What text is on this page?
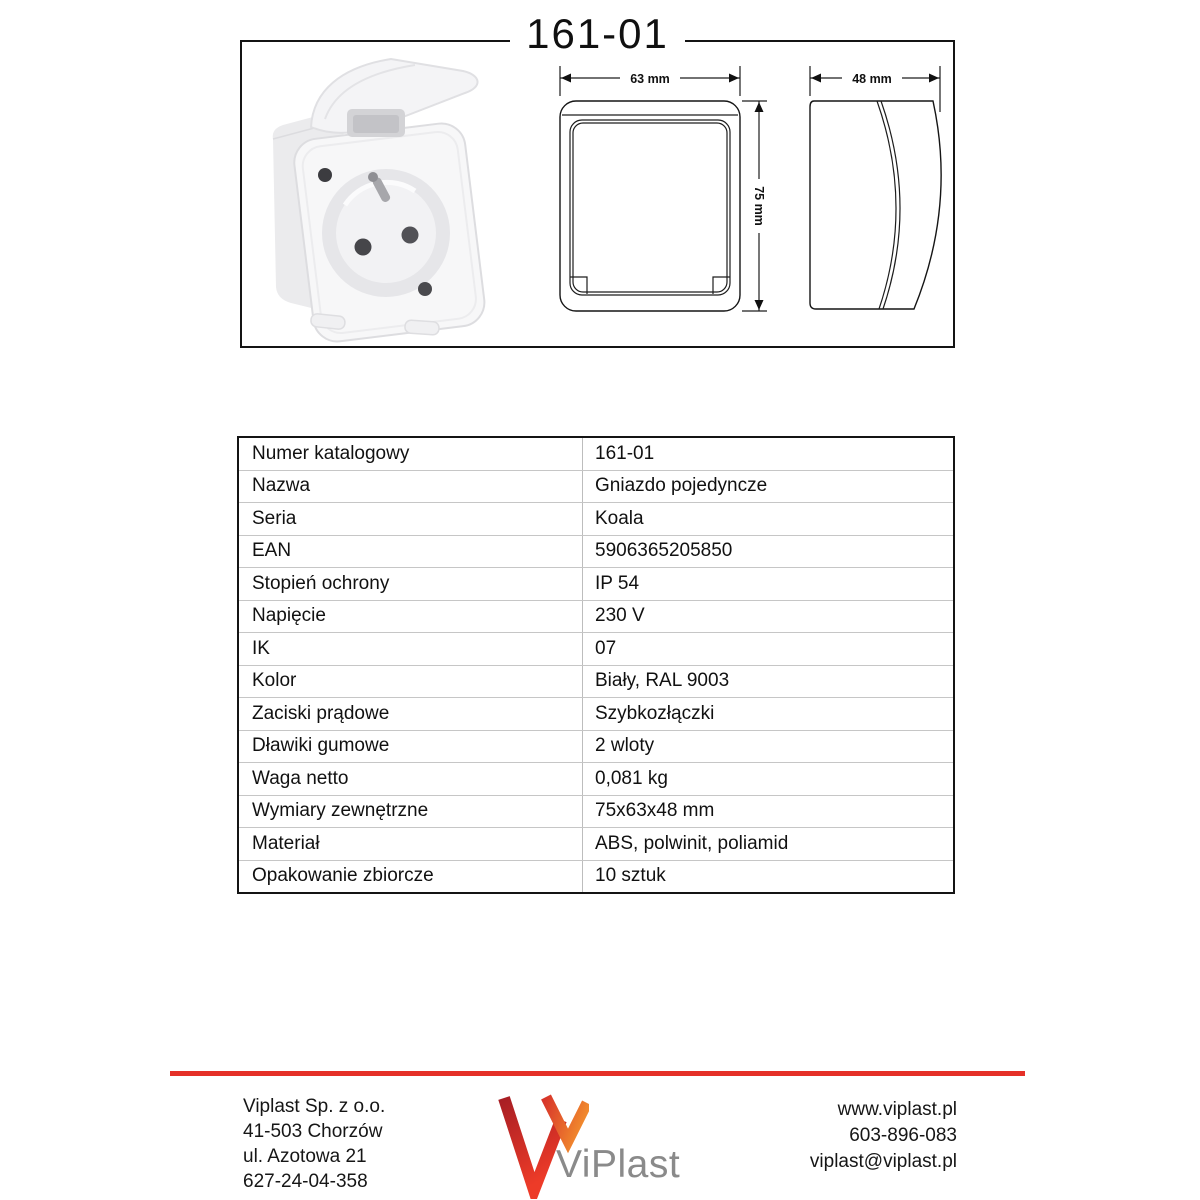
161-01
63 mm
75 mm
48 mm
Numer katalogowy	161-01
Nazwa	Gniazdo pojedyncze
Seria	Koala
EAN	5906365205850
Stopień ochrony	IP 54
Napięcie	230 V
IK	07
Kolor	Biały, RAL 9003
Zaciski prądowe	Szybkozłączki
Dławiki gumowe	2 wloty
Waga netto	0,081 kg
Wymiary zewnętrzne	75x63x48 mm
Materiał	ABS, polwinit, poliamid
Opakowanie zbiorcze	10 sztuk
Viplast Sp. z o.o.
41-503 Chorzów
ul. Azotowa 21
627-24-04-358	ViPlast
www.viplast.pl
603-896-083
viplast@viplast.pl
